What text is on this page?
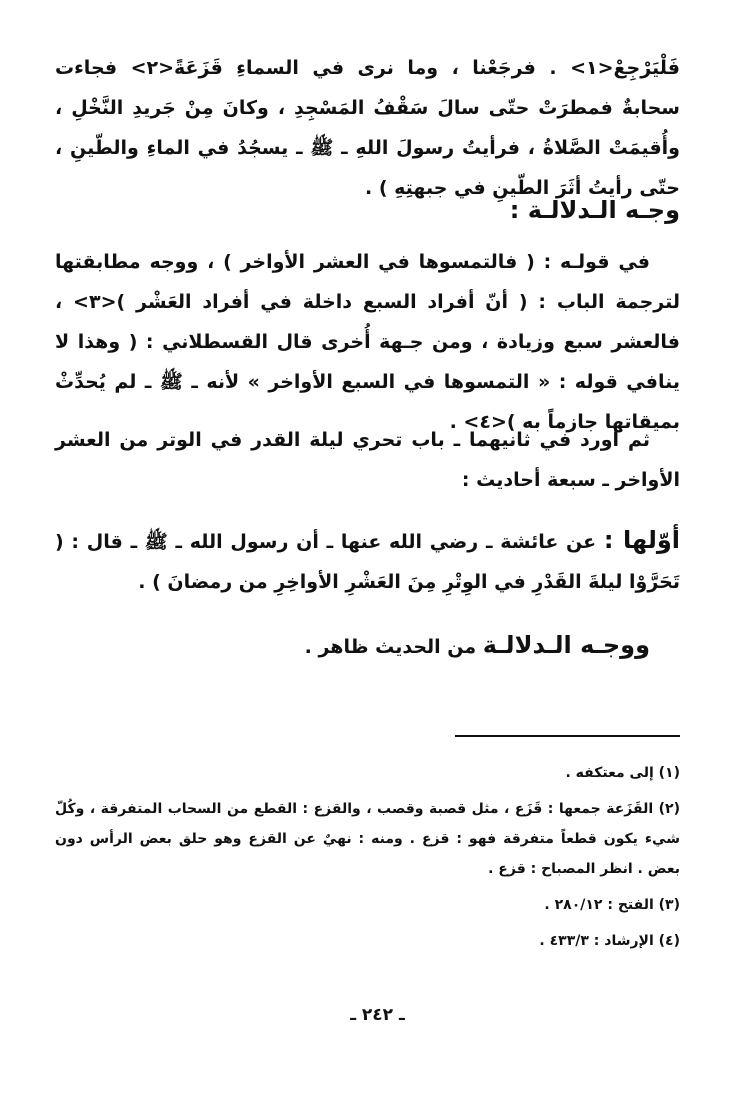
فَلْيَرْجِعْ<١> . فرجَعْنا ، وما نرى في السماءِ قَزَعَةً<٢> فجاءت سحابةٌ فمطرَتْ حتّى سالَ سَقْفُ المَسْجِدِ ، وكانَ مِنْ جَريدِ النَّخْلِ ، وأُقيمَتْ الصَّلاةُ ، فرأيتُ رسولَ اللهِ ـ ﷺ ـ يسجُدُ في الماءِ والطّينِ ، حتّى رأيتُ أثَرَ الطّينِ في جبهتِهِ ) .

وجـه الـدلالـة :

في قولـه : ( فالتمسوها في العشر الأواخر ) ، ووجه مطابقتها لترجمة الباب : ( أنّ أفراد السبع داخلة في أفراد العَشْر )<٣> ، فالعشر سبع وزيادة ، ومن جـهة أُخرى قال القسطلاني : ( وهذا لا ينافي قوله : « التمسوها في السبع الأواخر » لأنه ـ ﷺ ـ لم يُحدِّثْ بميقاتها جازماً به )<٤> .

ثم أورد في ثانيهما ـ باب تحري ليلة القدر في الوتر من العشر الأواخر ـ سبعة أحاديث :

أوّلها : عن عائشة ـ رضي الله عنها ـ أن رسول الله ـ ﷺ ـ قال : ( تَحَرَّوْا ليلةَ القَدْرِ في الوِتْرِ مِنَ العَشْرِ الأواخِرِ من رمضانَ ) .

ووجـه الـدلالـة من الحديث ظاهر .

(١) إلى معتكفه .

(٢) القَزَعة جمعها : قَزَع ، مثل قصبة وقصب ، والقزع : القطع من السحاب المتفرقة ، وكُلّ شيء يكون قطعاً متفرقة فهو : قزع . ومنه : نهيٌ عن القزع وهو حلق بعض الرأس دون بعض . انظر المصباح : قزع .

(٣) الفتح : ٢٨٠/١٢ .

(٤) الإرشاد : ٤٣٣/٣ .

ـ ٢٤٢ ـ
